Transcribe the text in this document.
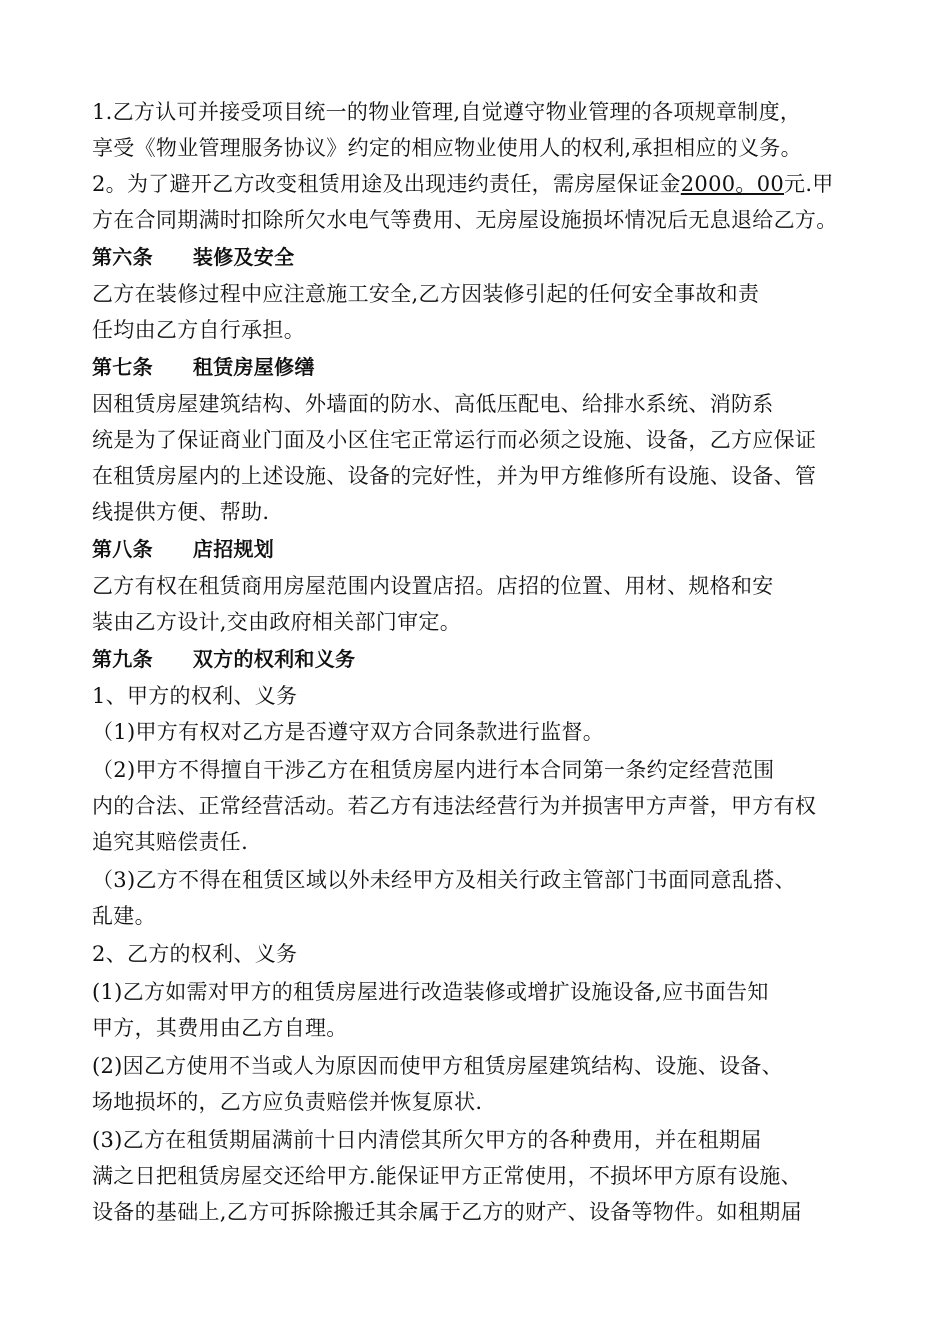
1.乙方认可并接受项目统一的物业管理,自觉遵守物业管理的各项规章制度，
享受《物业管理服务协议》约定的相应物业使用人的权利,承担相应的义务。
2。为了避开乙方改变租赁用途及出现违约责任，需房屋保证金2000。00元.甲
方在合同期满时扣除所欠水电气等费用、无房屋设施损坏情况后无息退给乙方。
第六条 装修及安全
乙方在装修过程中应注意施工安全,乙方因装修引起的任何安全事故和责
任均由乙方自行承担。
第七条 租赁房屋修缮
因租赁房屋建筑结构、外墙面的防水、高低压配电、给排水系统、消防系
统是为了保证商业门面及小区住宅正常运行而必须之设施、设备，乙方应保证
在租赁房屋内的上述设施、设备的完好性，并为甲方维修所有设施、设备、管
线提供方便、帮助.
第八条 店招规划
乙方有权在租赁商用房屋范围内设置店招。店招的位置、用材、规格和安
装由乙方设计,交由政府相关部门审定。
第九条 双方的权利和义务
1、甲方的权利、义务
（1)甲方有权对乙方是否遵守双方合同条款进行监督。
（2)甲方不得擅自干涉乙方在租赁房屋内进行本合同第一条约定经营范围
内的合法、正常经营活动。若乙方有违法经营行为并损害甲方声誉，甲方有权
追究其赔偿责任.
（3)乙方不得在租赁区域以外未经甲方及相关行政主管部门书面同意乱搭、
乱建。
2、乙方的权利、义务
(1)乙方如需对甲方的租赁房屋进行改造装修或增扩设施设备,应书面告知
甲方，其费用由乙方自理。
(2)因乙方使用不当或人为原因而使甲方租赁房屋建筑结构、设施、设备、
场地损坏的，乙方应负责赔偿并恢复原状.
(3)乙方在租赁期届满前十日内清偿其所欠甲方的各种费用，并在租期届
满之日把租赁房屋交还给甲方.能保证甲方正常使用，不损坏甲方原有设施、
设备的基础上,乙方可拆除搬迁其余属于乙方的财产、设备等物件。如租期届
